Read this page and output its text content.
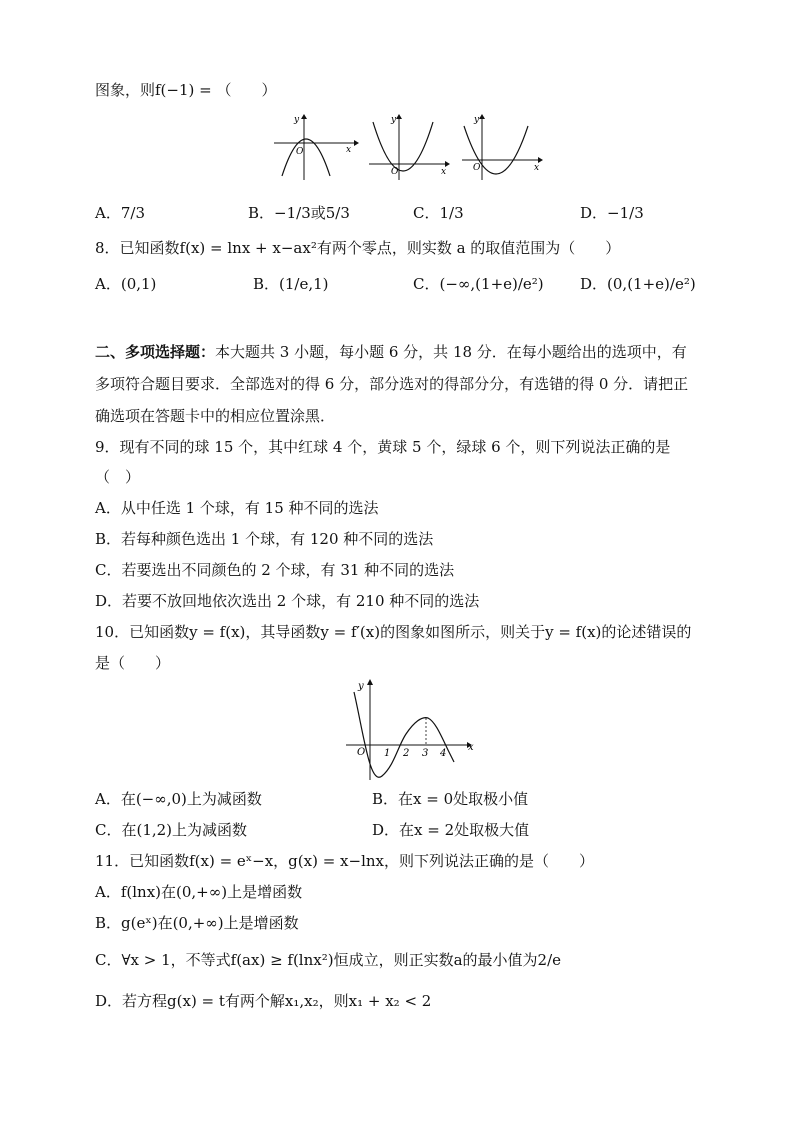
图象，则f(−1) = （　　）
x
y
O
x
y
O	x
y
O
A．7/3	B．−1/3或5/3	C．1/3	D．−1/3
8．已知函数f(x) = lnx + x−ax²有两个零点，则实数 a 的取值范围为（　　）
A．(0,1)	B．(1/e,1)	C．(−∞,(1+e)/e²) D．(0,(1+e)/e²)
二、多项选择题：本大题共 3 小题，每小题 6 分，共 18 分．在每小题给出的选项中，有
多项符合题目要求．全部选对的得 6 分，部分选对的得部分分，有选错的得 0 分．请把正
确选项在答题卡中的相应位置涂黑．
9．现有不同的球 15 个，其中红球 4 个，黄球 5 个，绿球 6 个，则下列说法正确的是
（　）
A．从中任选 1 个球，有 15 种不同的选法
B．若每种颜色选出 1 个球，有 120 种不同的选法
C．若要选出不同颜色的 2 个球，有 31 种不同的选法
D．若要不放回地依次选出 2 个球，有 210 种不同的选法
10．已知函数y = f(x)，其导函数y = f′(x)的图象如图所示，则关于y = f(x)的论述错误的
是（　　）
y
x
O 1 2 3 4
A．在(−∞,0)上为减函数	B．在x = 0处取极小值
C．在(1,2)上为减函数	D．在x = 2处取极大值
11．已知函数f(x) = eˣ−x，g(x) = x−lnx，则下列说法正确的是（　　）
A．f(lnx)在(0,+∞)上是增函数
B．g(eˣ)在(0,+∞)上是增函数
C．∀x > 1，不等式f(ax) ≥ f(lnx²)恒成立，则正实数a的最小值为2/e
D．若方程g(x) = t有两个解x₁,x₂，则x₁ + x₂ < 2
